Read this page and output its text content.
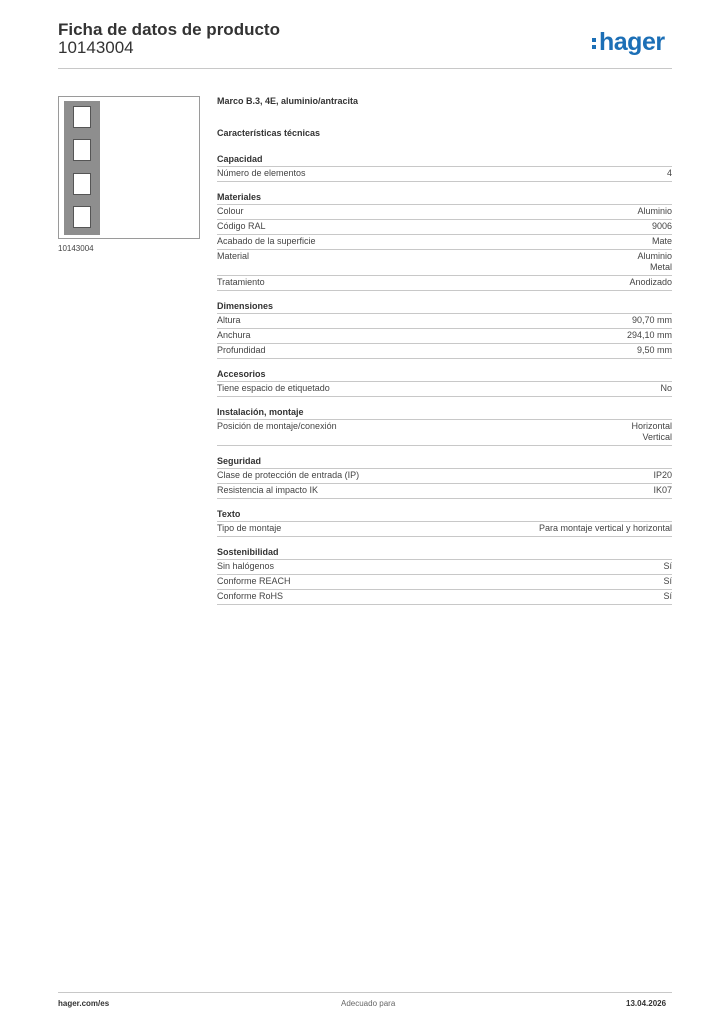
Ficha de datos de producto
10143004	hager
10143004
Marco B.3, 4E, aluminio/antracita
Características técnicas
Capacidad
Número de elementos	4
Materiales
Colour	Aluminio
Código RAL	9006
Acabado de la superficie	Mate
Material	Aluminio
Metal
Tratamiento	Anodizado
Dimensiones
Altura	90,70 mm
Anchura	294,10 mm
Profundidad	9,50 mm
Accesorios
Tiene espacio de etiquetado	No
Instalación, montaje
Posición de montaje/conexión	Horizontal
Vertical
Seguridad
Clase de protección de entrada (IP)	IP20
Resistencia al impacto IK	IK07
Texto
Tipo de montaje	Para montaje vertical y horizontal
Sostenibilidad
Sin halógenos	Sí
Conforme REACH	Sí
Conforme RoHS	Sí
hager.com/es	Adecuado para	13.04.2026
